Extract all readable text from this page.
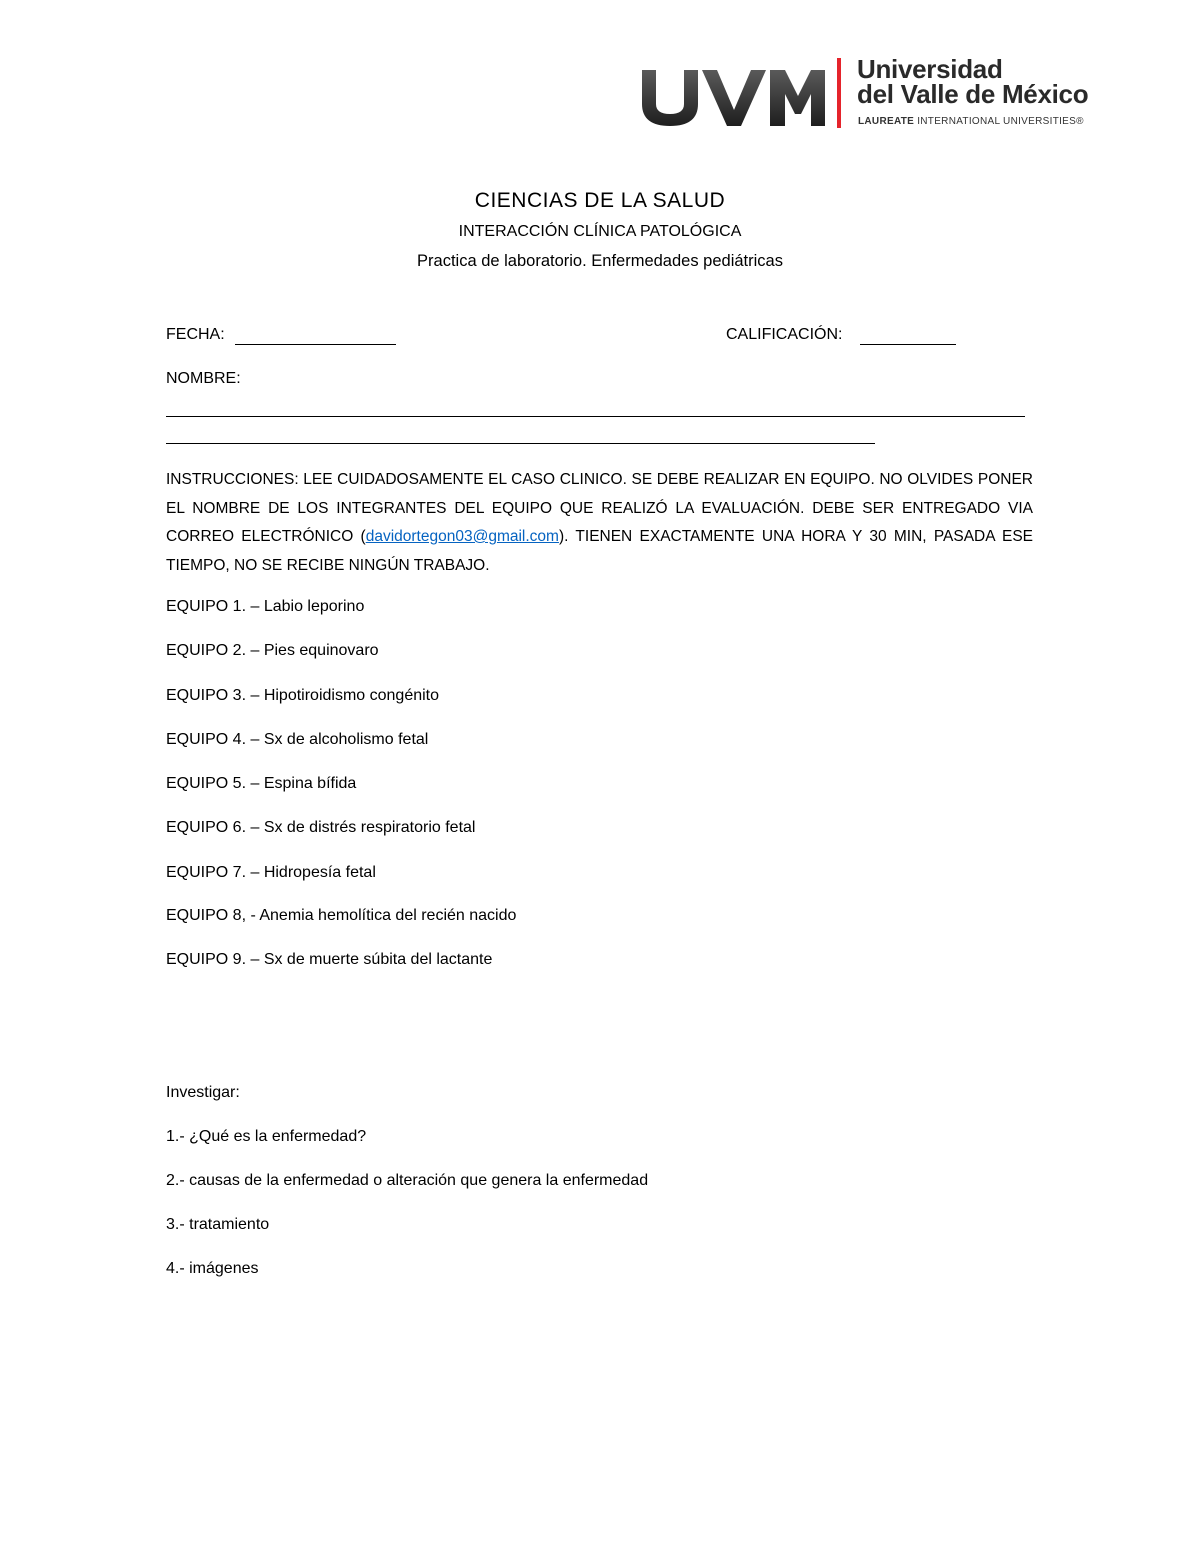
Universidad
del Valle de México
LAUREATE INTERNATIONAL UNIVERSITIES®
CIENCIAS DE LA SALUD
INTERACCIÓN CLÍNICA PATOLÓGICA
Practica de laboratorio. Enfermedades pediátricas
FECHA:	CALIFICACIÓN:
NOMBRE:
INSTRUCCIONES: LEE CUIDADOSAMENTE EL CASO CLINICO. SE DEBE REALIZAR EN EQUIPO. NO OLVIDES PONER EL NOMBRE DE LOS INTEGRANTES DEL EQUIPO QUE REALIZÓ LA EVALUACIÓN. DEBE SER ENTREGADO VIA CORREO ELECTRÓNICO (davidortegon03@gmail.com). TIENEN EXACTAMENTE UNA HORA Y 30 MIN, PASADA ESE TIEMPO, NO SE RECIBE NINGÚN TRABAJO.
EQUIPO 1. – Labio leporino
EQUIPO 2. – Pies equinovaro
EQUIPO 3. – Hipotiroidismo congénito
EQUIPO 4. – Sx de alcoholismo fetal
EQUIPO 5. – Espina bífida
EQUIPO 6. – Sx de distrés respiratorio fetal
EQUIPO 7. – Hidropesía fetal
EQUIPO 8, - Anemia hemolítica del recién nacido
EQUIPO 9. – Sx de muerte súbita del lactante
Investigar:
1.- ¿Qué es la enfermedad?
2.- causas de la enfermedad o alteración que genera la enfermedad
3.- tratamiento
4.- imágenes
